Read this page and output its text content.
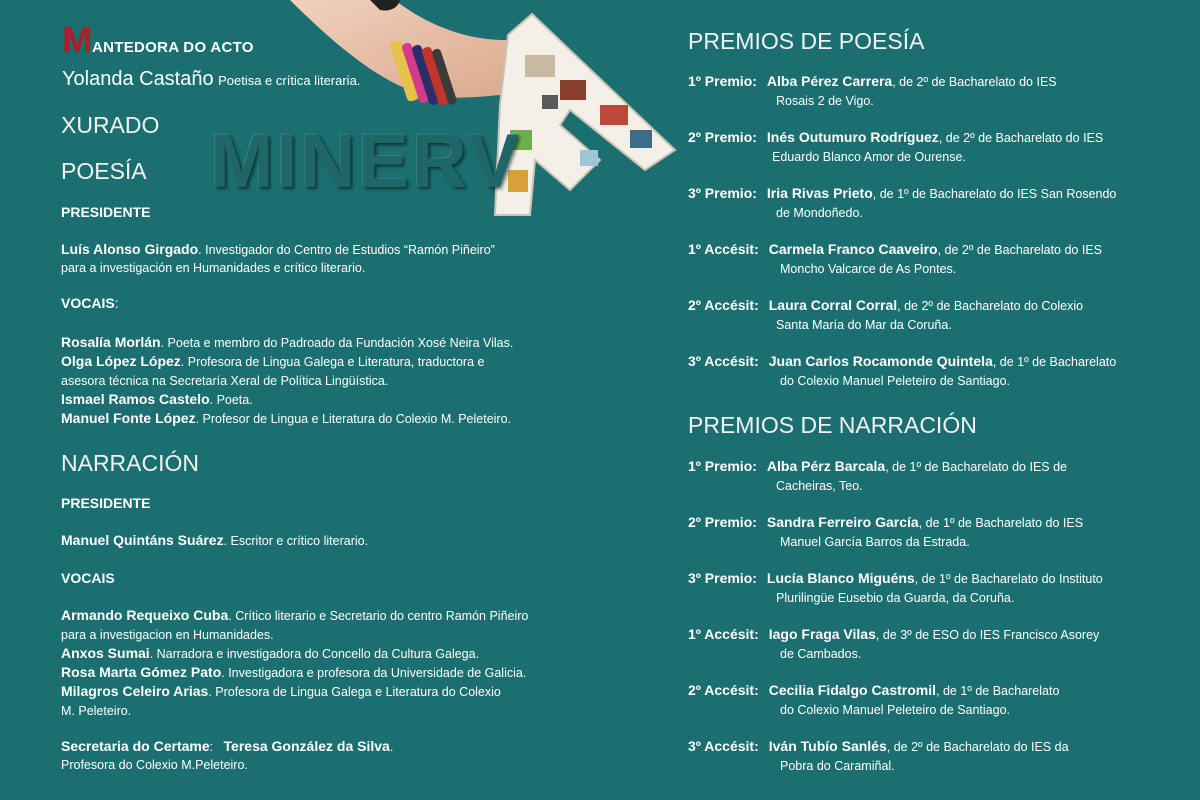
MINERV
MANTEDORA DO ACTO
Yolanda Castaño Poetisa e crítica literaria.
XURADO
POESÍA
PRESIDENTE
Luís Alonso Girgado. Investigador do Centro de Estudios “Ramón Piñeiro”
para a investigación en Humanidades e crítico literario.
VOCAIS:
Rosalía Morlán. Poeta e membro do Padroado da Fundación Xosé Neira Vilas.
Olga López López. Profesora de Lingua Galega e Literatura, traductora e
asesora técnica na Secretaría Xeral de Política Lingüística.
Ismael Ramos Castelo. Poeta.
Manuel Fonte López. Profesor de Lingua e Literatura do Colexio M. Peleteiro.
NARRACIÓN
PRESIDENTE
Manuel Quintáns Suárez. Escritor e crítico literario.
VOCAIS
Armando Requeixo Cuba. Crítico literario e Secretario do centro Ramón Piñeiro
para a investigacion en Humanidades.
Anxos Sumai. Narradora e investigadora do Concello da Cultura Galega.
Rosa Marta Gómez Pato. Investigadora e profesora da Universidade de Galicia.
Milagros Celeiro Arias. Profesora de Lingua Galega e Literatura do Colexio
M. Peleteiro.
Secretaria do Certame:   Teresa González da Silva.
Profesora do Colexio M.Peleteiro.
PREMIOS DE POESÍA
1º Premio: Alba Pérez Carrera, de 2º de Bacharelato do IES
Rosais 2 de Vigo.
2º Premio: Inés Outumuro Rodríguez, de 2º de Bacharelato do IES
Eduardo Blanco Amor de Ourense.
3º Premio: Iria Rivas Prieto, de 1º de Bacharelato do IES San Rosendo
de Mondoñedo.
1º Accésit: Carmela Franco Caaveiro, de 2º de Bacharelato do IES
Moncho Valcarce de As Pontes.
2º Accésit: Laura Corral Corral, de 2º de Bacharelato do Colexio
Santa María do Mar da Coruña.
3º Accésit: Juan Carlos Rocamonde Quintela, de 1º de Bacharelato
do Colexio Manuel Peleteiro de Santiago.
PREMIOS DE NARRACIÓN
1º Premio: Alba Pérz Barcala, de 1º de Bacharelato do IES de
Cacheiras, Teo.
2º Premio: Sandra Ferreiro García, de 1º de Bacharelato do IES
Manuel García Barros da Estrada.
3º Premio: Lucía Blanco Miguéns, de 1º de Bacharelato do Instituto
Plurilingüe Eusebio da Guarda, da Coruña.
1º Accésit: Iago Fraga Vilas, de 3º de ESO do IES Francisco Asorey
de Cambados.
2º Accésit: Cecilia Fidalgo Castromil, de 1º de Bacharelato
do Colexio Manuel Peleteiro de Santiago.
3º Accésit: Iván Tubío Sanlés, de 2º de Bacharelato do IES da
Pobra do Caramiñal.
